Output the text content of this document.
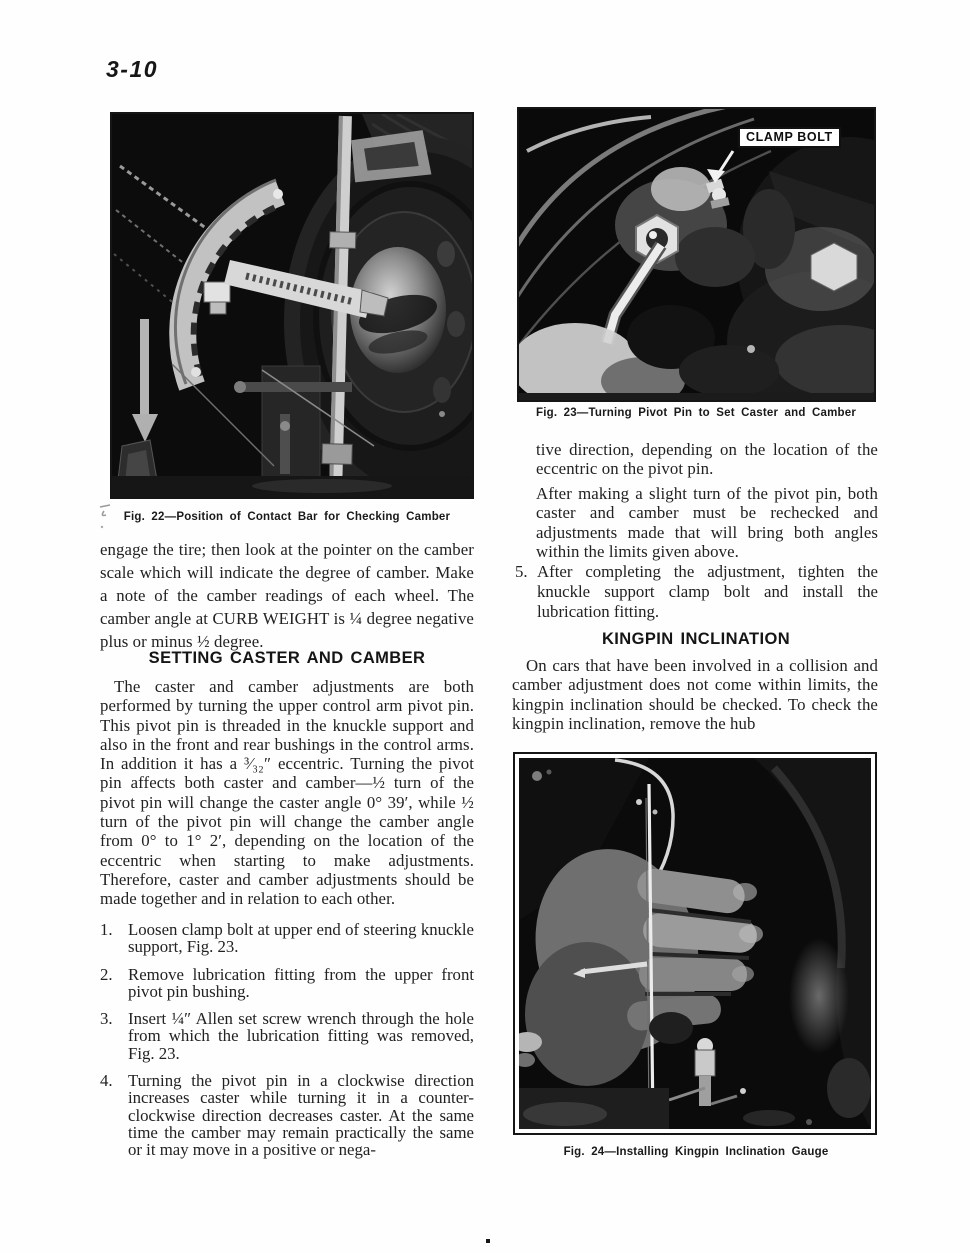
3-10
Fig. 22—Position of Contact Bar for Checking Camber

engage the tire; then look at the pointer on the camber scale which will indicate the degree of camber. Make a note of the camber readings of each wheel. The camber angle at CURB WEIGHT is ¼ degree negative plus or minus ½ degree.

SETTING CASTER AND CAMBER

The caster and camber adjustments are both performed by turning the upper control arm pivot pin. This pivot pin is threaded in the knuckle support and also in the front and rear bushings in the control arms. In addition it has a ³⁄₃₂″ eccentric. Turning the pivot pin affects both caster and camber—½ turn of the pivot pin will change the caster angle 0° 39′, while ½ turn of the pivot pin will change the camber angle from 0° to 1° 2′, depending on the location of the eccentric when starting to make adjustments. Therefore, caster and camber adjustments should be made together and in relation to each other.

1. Loosen clamp bolt at upper end of steering knuckle support, Fig. 23.
2. Remove lubrication fitting from the upper front pivot pin bushing.
3. Insert ¼″ Allen set screw wrench through the hole from which the lubrication fitting was removed, Fig. 23.
4. Turning the pivot pin in a clockwise direction increases caster while turning it in a counter-clockwise direction decreases caster. At the same time the camber may remain practically the same or it may move in a positive or nega-
CLAMP BOLT
Fig. 23—Turning Pivot Pin to Set Caster and Camber

tive direction, depending on the location of the eccentric on the pivot pin.

After making a slight turn of the pivot pin, both caster and camber must be rechecked and adjustments made that will bring both angles within the limits given above.

5. After completing the adjustment, tighten the knuckle support clamp bolt and install the lubrication fitting.
KINGPIN INCLINATION

On cars that have been involved in a collision and camber adjustment does not come within limits, the kingpin inclination should be checked. To check the kingpin inclination, remove the hub

Fig. 24—Installing Kingpin Inclination Gauge
